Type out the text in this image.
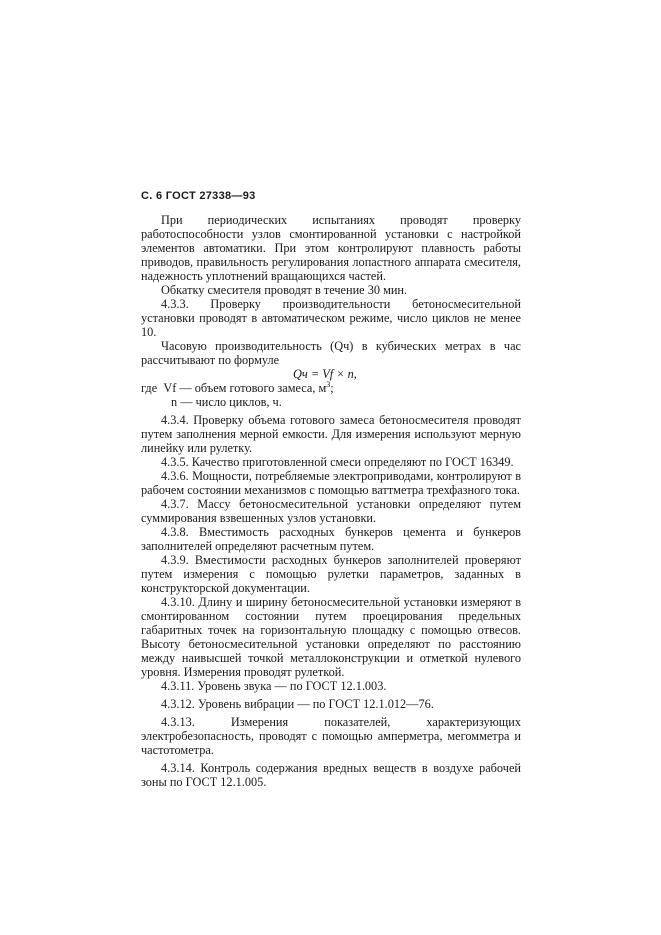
С. 6 ГОСТ 27338—93

При периодических испытаниях проводят проверку работоспособности узлов смонтированной установки с настройкой элементов автоматики. При этом контролируют плавность работы приводов, правильность регулирования лопастного аппарата смесителя, надежность уплотнений вращающихся частей.

Обкатку смесителя проводят в течение 30 мин.

4.3.3. Проверку производительности бетоносмесительной установки проводят в автоматическом режиме, число циклов не менее 10.

Часовую производительность (Qч) в кубических метрах в час рассчитывают по формуле

Qч = Vf × n,

где Vf — объем готового замеса, $м^3$;

n — число циклов, ч.

4.3.4. Проверку объема готового замеса бетоносмесителя проводят путем заполнения мерной емкости. Для измерения используют мерную линейку или рулетку.

4.3.5. Качество приготовленной смеси определяют по ГОСТ 16349.

4.3.6. Мощности, потребляемые электроприводами, контролируют в рабочем состоянии механизмов с помощью ваттметра трехфазного тока.

4.3.7. Массу бетоносмесительной установки определяют путем суммирования взвешенных узлов установки.

4.3.8. Вместимость расходных бункеров цемента и бункеров заполнителей определяют расчетным путем.

4.3.9. Вместимости расходных бункеров заполнителей проверяют путем измерения с помощью рулетки параметров, заданных в конструкторской документации.

4.3.10. Длину и ширину бетоносмесительной установки измеряют в смонтированном состоянии путем проецирования предельных габаритных точек на горизонтальную площадку с помощью отвесов. Высоту бетоносмесительной установки определяют по расстоянию между наивысшей точкой металлоконструкции и отметкой нулевого уровня. Измерения проводят рулеткой.

4.3.11. Уровень звука — по ГОСТ 12.1.003.

4.3.12. Уровень вибрации — по ГОСТ 12.1.012—76.

4.3.13. Измерения показателей, характеризующих электробезопасность, проводят с помощью амперметра, мегомметра и частотометра.

4.3.14. Контроль содержания вредных веществ в воздухе рабочей зоны по ГОСТ 12.1.005.
